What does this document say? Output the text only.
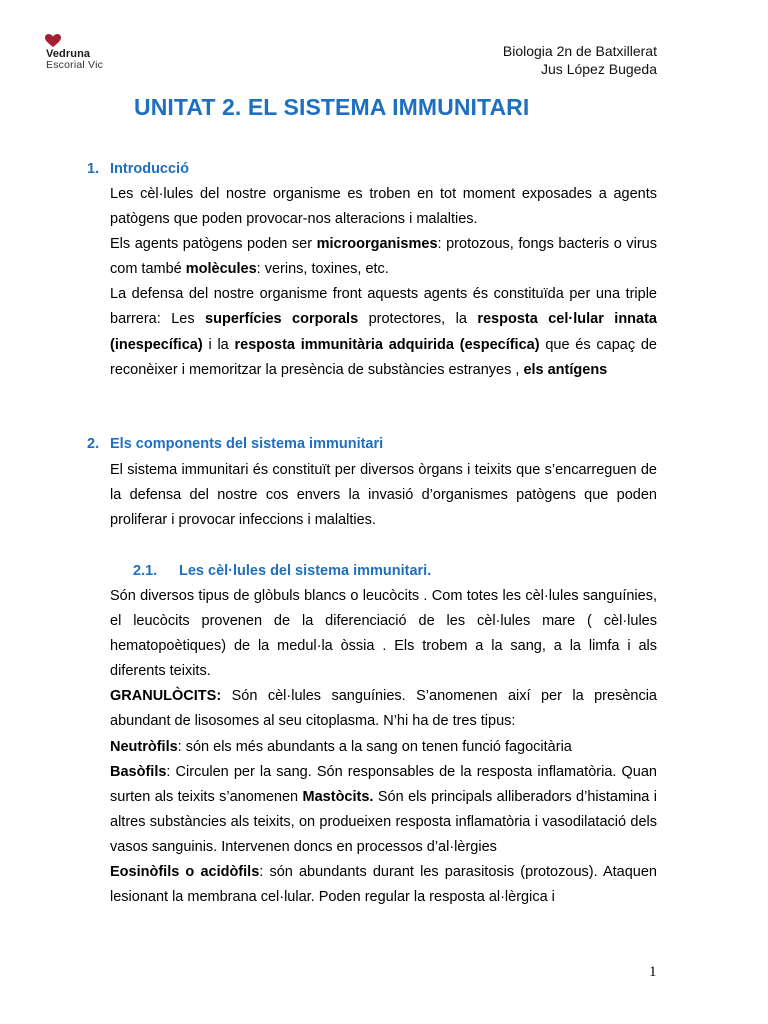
Vedruna
Escorial Vic
Biologia 2n de Batxillerat
Jus López Bugeda
UNITAT 2. EL SISTEMA IMMUNITARI
1. Introducció
Les cèl·lules del nostre organisme es troben en tot moment exposades a agents patògens que poden provocar-nos alteracions i malalties.
Els agents patògens poden ser microorganismes: protozous, fongs bacteris o virus com també molècules: verins, toxines, etc.
La defensa del nostre organisme front aquests agents és constituïda per una triple barrera: Les superfícies corporals protectores, la resposta cel·lular innata (inespecífica) i la resposta immunitària adquirida (específica) que és capaç de reconèixer i memoritzar la presència de substàncies estranyes , els antígens
2. Els components del sistema immunitari
El sistema immunitari és constituït per diversos òrgans i teixits que s’encarreguen de la defensa del nostre cos envers la invasió d’organismes patògens que poden proliferar i provocar infeccions i malalties.
2.1. Les cèl·lules del sistema immunitari.
Són diversos tipus de glòbuls blancs o leucòcits . Com totes les cèl·lules sanguínies, el leucòcits provenen de la diferenciació de les cèl·lules mare ( cèl·lules hematopoètiques) de la medul·la òssia . Els trobem a la sang, a la limfa i als diferents teixits.
GRANULÒCITS: Són cèl·lules sanguínies. S’anomenen així per la presència abundant de lisosomes al seu citoplasma. N’hi ha de tres tipus:
Neutròfils: són els més abundants a la sang on tenen funció fagocitària
Basòfils: Circulen per la sang. Són responsables de la resposta inflamatòria. Quan surten als teixits s’anomenen Mastòcits. Són els principals alliberadors d’histamina i altres substàncies als teixits, on produeixen resposta inflamatòria i vasodilatació dels vasos sanguinis. Intervenen doncs en processos d’al·lèrgies
Eosinòfils o acidòfils: són abundants durant les parasitosis (protozous). Ataquen lesionant la membrana cel·lular. Poden regular la resposta al·lèrgica i
1
